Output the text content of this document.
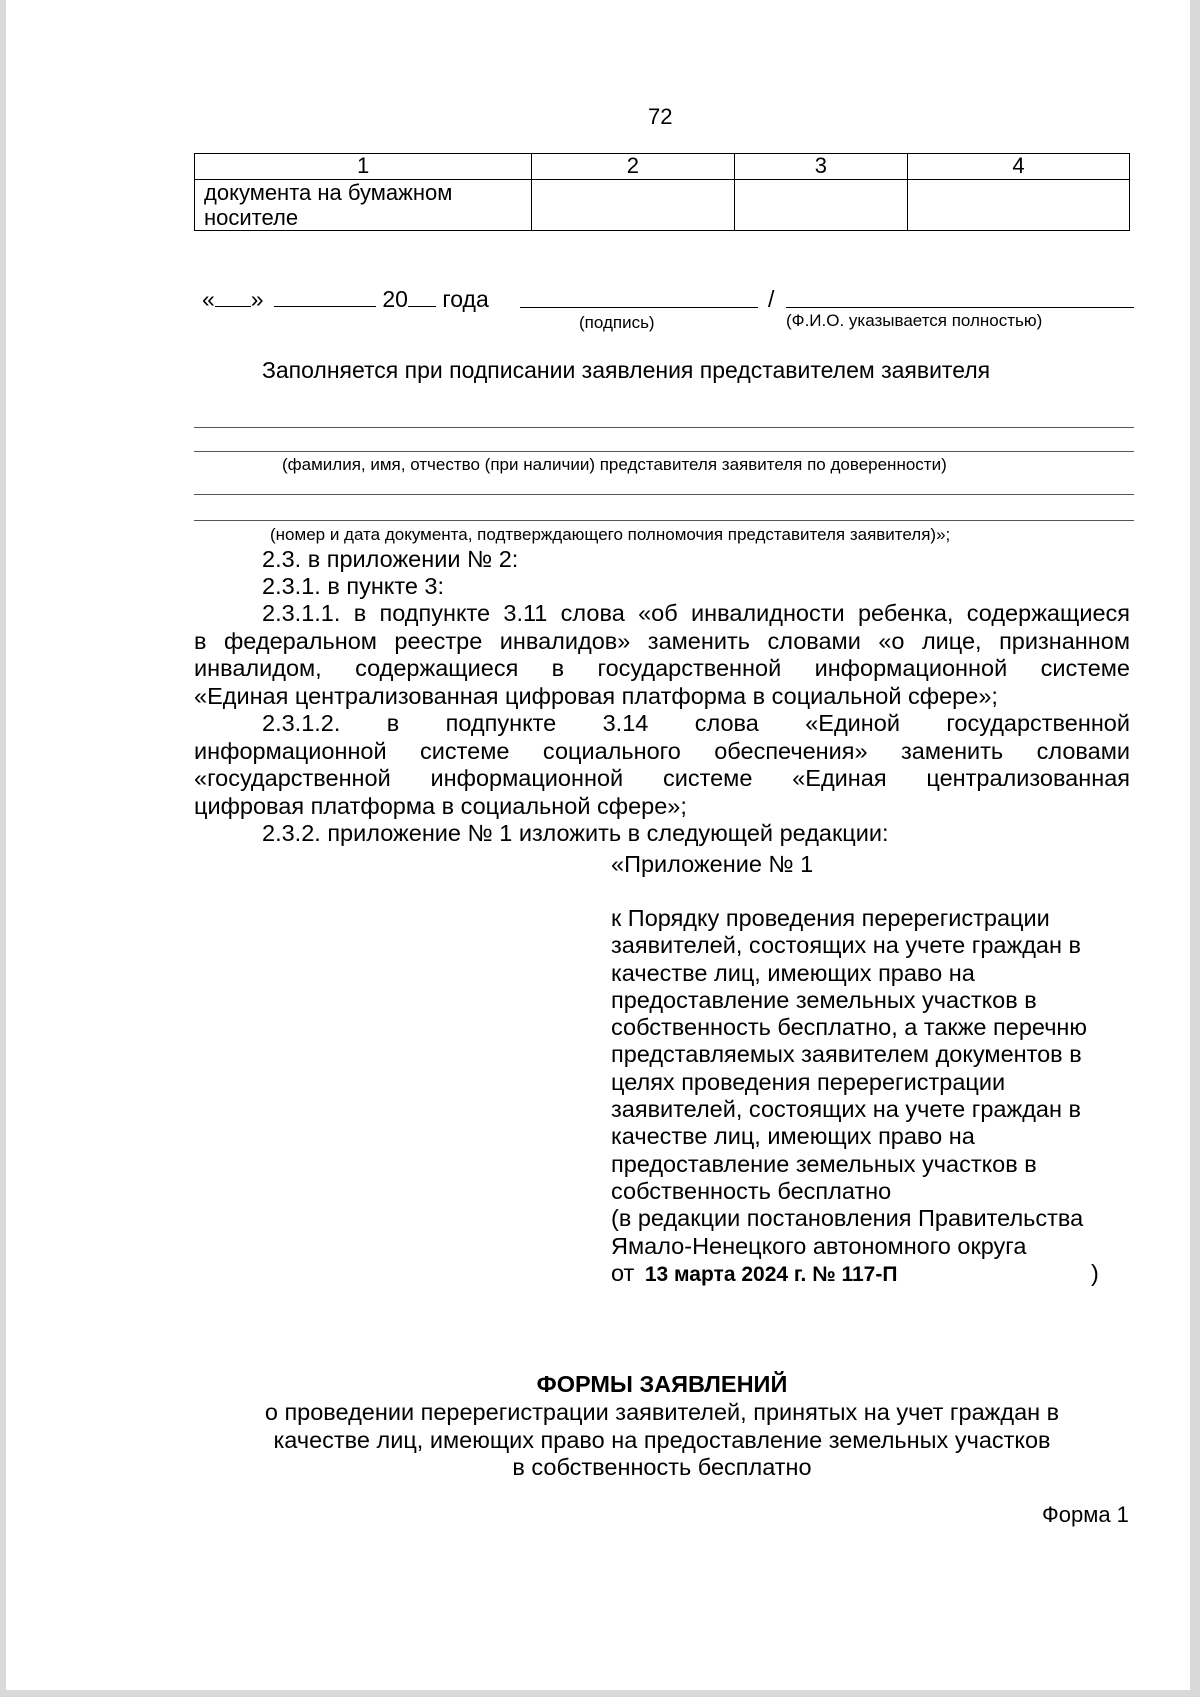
72
1	2	3	4
документа на бумажном носителе			
« »	20 года	/
(подпись)	(Ф.И.О. указывается полностью)
Заполняется при подписании заявления представителем заявителя
(фамилия, имя, отчество (при наличии) представителя заявителя по доверенности)
(номер и дата документа, подтверждающего полномочия представителя заявителя)»;
2.3. в приложении № 2:
2.3.1. в пункте 3:
2.3.1.1. в подпункте 3.11 слова «об инвалидности ребенка, содержащиеся
в федеральном реестре инвалидов» заменить словами «о лице, признанном
инвалидом, содержащиеся в государственной информационной системе
«Единая централизованная цифровая платформа в социальной сфере»;
2.3.1.2. в подпункте 3.14 слова «Единой государственной
информационной системе социального обеспечения» заменить словами
«государственной информационной системе «Единая централизованная
цифровая платформа в социальной сфере»;
2.3.2. приложение № 1 изложить в следующей редакции:
«Приложение № 1
к Порядку проведения перерегистрации
заявителей, состоящих на учете граждан в
качестве лиц, имеющих право на
предоставление земельных участков в
собственность бесплатно, а также перечню
представляемых заявителем документов в
целях проведения перерегистрации
заявителей, состоящих на учете граждан в
качестве лиц, имеющих право на
предоставление земельных участков в
собственность бесплатно
(в редакции постановления Правительства
Ямало-Ненецкого автономного округа
от 13 марта 2024 г. № 117-П	)
ФОРМЫ ЗАЯВЛЕНИЙ
о проведении перерегистрации заявителей, принятых на учет граждан в
качестве лиц, имеющих право на предоставление земельных участков
в собственность бесплатно
Форма 1
